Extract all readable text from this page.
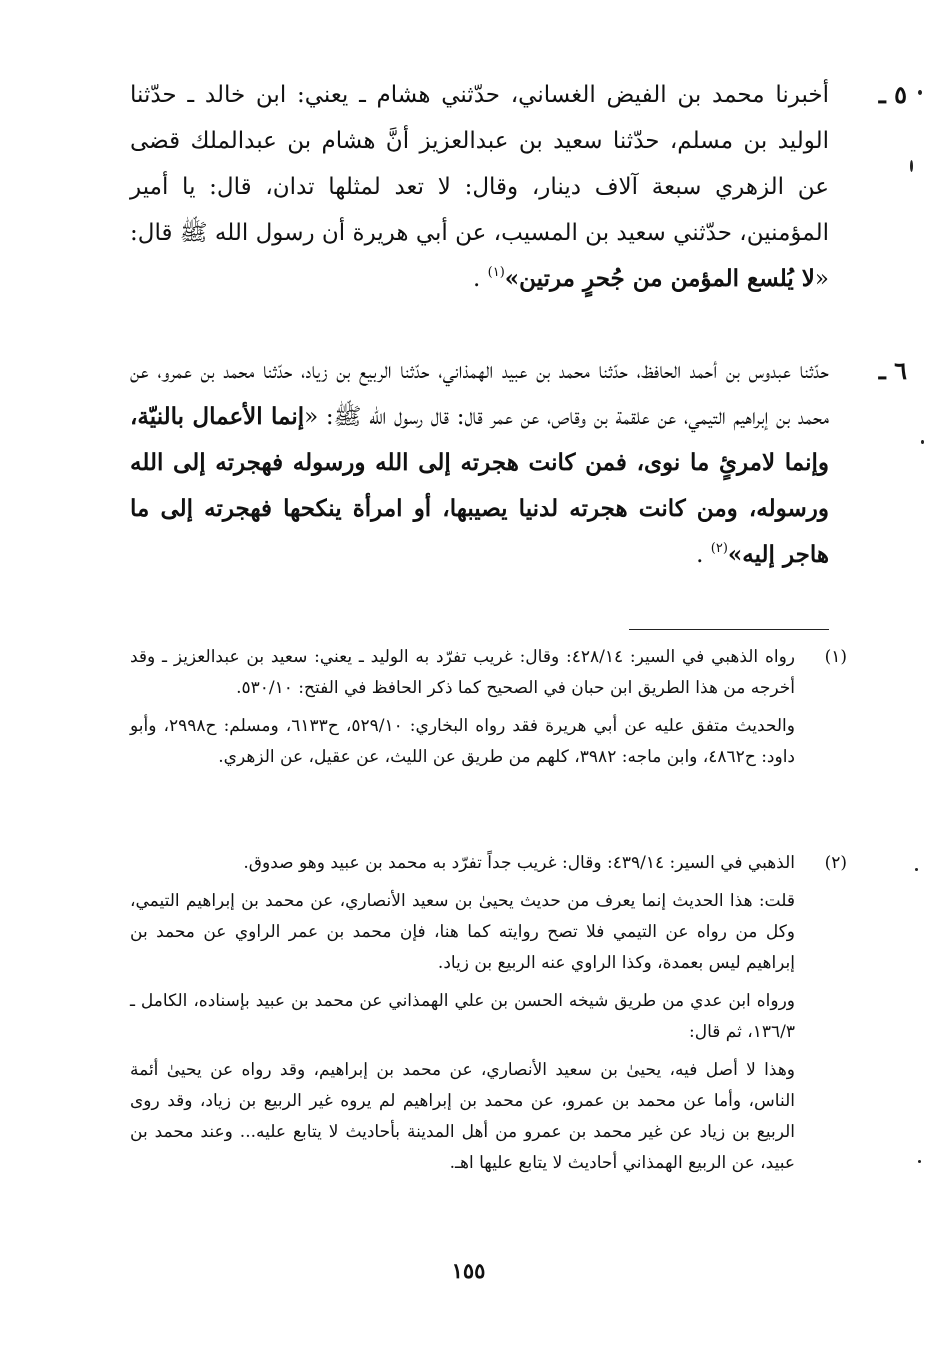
٥ ـ
أخبرنا محمد بن الفيض الغساني، حدّثني هشام ـ يعني: ابن خالد ـ حدّثنا الوليد بن مسلم، حدّثنا سعيد بن عبدالعزيز أنَّ هشام بن عبدالملك قضى عن الزهري سبعة آلاف دينار، وقال: لا تعد لمثلها تدان، قال: يا أمير المؤمنين، حدّثني سعيد بن المسيب، عن أبي هريرة أن رسول الله ﷺ قال: «لا يُلسع المؤمن من جُحرٍ مرتين»$^{(١)}$ .
٦ ـ
حدّثنا عبدوس بن أحمد الحافظ، حدّثنا محمد بن عبيد الهمذاني، حدّثنا الربيع بن زياد، حدّثنا محمد بن عمرو، عن محمد بن إبراهيم التيمي، عن علقمة بن وقاص، عن عمر قال: قال رسول الله ﷺ: «إنما الأعمال بالنيّة، وإنما لامرئٍ ما نوى، فمن كانت هجرته إلى الله ورسوله فهجرته إلى الله ورسوله، ومن كانت هجرته لدنيا يصيبها، أو امرأة ينكحها فهجرته إلى ما هاجر إليه»$^{(٢)}$ .
(١)

رواه الذهبي في السير: ٤٢٨/١٤: وقال: غريب تفرّد به الوليد ـ يعني: سعيد بن عبدالعزيز ـ وقد أخرجه من هذا الطريق ابن حبان في الصحيح كما ذكر الحافظ في الفتح: ٥٣٠/١٠.

والحديث متفق عليه عن أبي هريرة فقد رواه البخاري: ٥٢٩/١٠، ح٦١٣٣، ومسلم: ح٢٩٩٨، وأبو داود: ح٤٨٦٢، وابن ماجه: ٣٩٨٢، كلهم من طريق عن الليث، عن عقيل، عن الزهري.

(٢)

الذهبي في السير: ٤٣٩/١٤: وقال: غريب جداً تفرّد به محمد بن عبيد وهو صدوق.

قلت: هذا الحديث إنما يعرف من حديث يحيىٰ بن سعيد الأنصاري، عن محمد بن إبراهيم التيمي، وكل من رواه عن التيمي فلا تصح روايته كما هنا، فإن محمد بن عمر الراوي عن محمد بن إبراهيم ليس بعمدة، وكذا الراوي عنه الربيع بن زياد.

ورواه ابن عدي من طريق شيخه الحسن بن علي الهمذاني عن محمد بن عبيد بإسناده، الكامل ـ ١٣٦/٣، ثم قال:

وهذا لا أصل فيه، يحيىٰ بن سعيد الأنصاري، عن محمد بن إبراهيم، وقد رواه عن يحيىٰ أئمة الناس، وأما عن محمد بن عمرو، عن محمد بن إبراهيم لم يروه غير الربيع بن زياد، وقد روى الربيع بن زياد عن غير محمد بن عمرو من أهل المدينة بأحاديث لا يتابع عليه... وعند محمد بن عبيد، عن الربيع الهمذاني أحاديث لا يتابع عليها اهـ.

١٥٥
